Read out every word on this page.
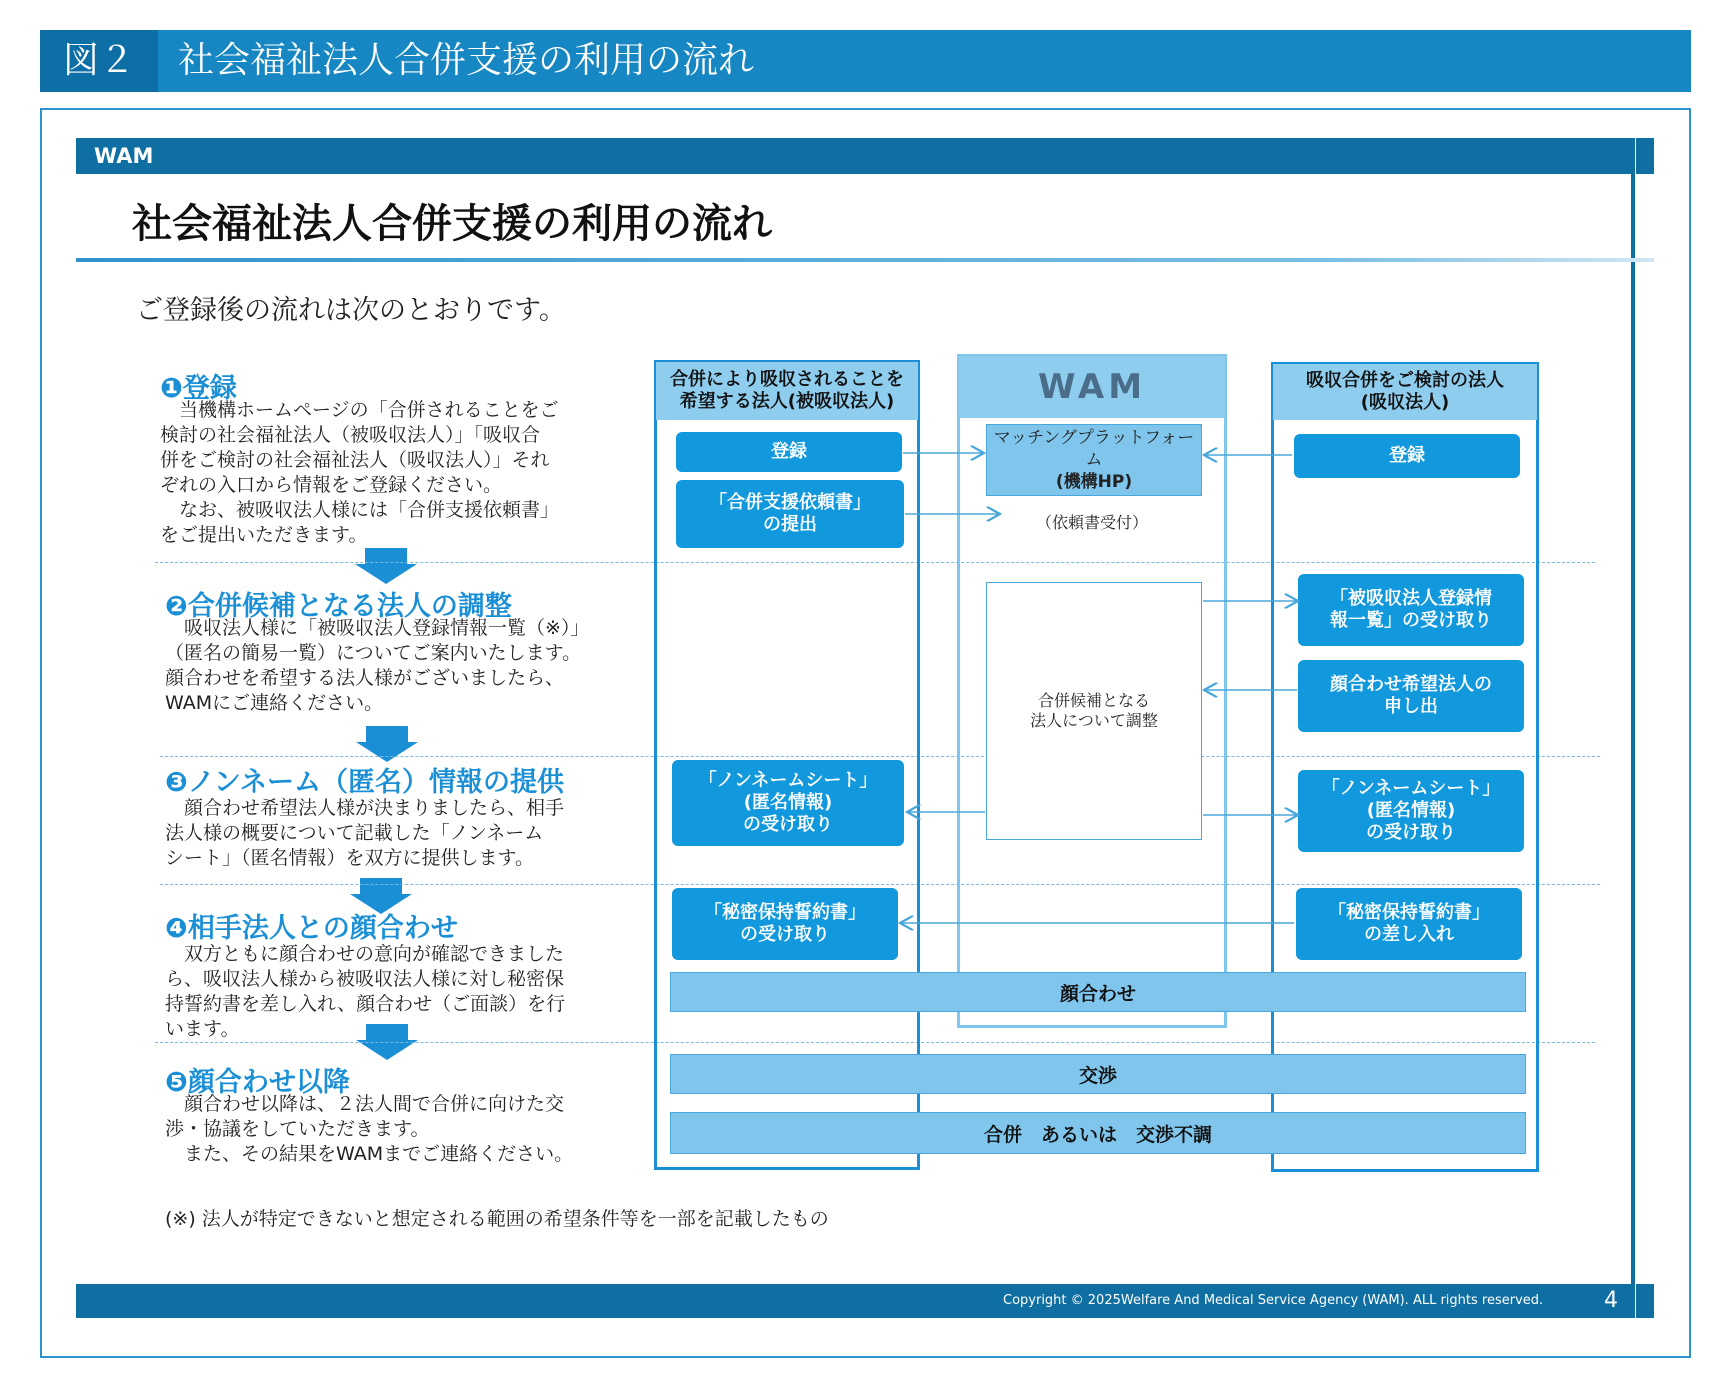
図２	社会福祉法人合併支援の利用の流れ
WAM
社会福祉法人合併支援の利用の流れ
ご登録後の流れは次のとおりです。
❶登録
　当機構ホームページの「合併されることをご
検討の社会福祉法人（被吸収法人）」「吸収合
併をご検討の社会福祉法人（吸収法人）」それ
ぞれの入口から情報をご登録ください。
　なお、被吸収法人様には「合併支援依頼書」
をご提出いただきます。
❷合併候補となる法人の調整
　吸収法人様に「被吸収法人登録情報一覧（※）」
（匿名の簡易一覧）についてご案内いたします。
顔合わせを希望する法人様がございましたら、
WAMにご連絡ください。
❸ノンネーム（匿名）情報の提供
　顔合わせ希望法人様が決まりましたら、相手
法人様の概要について記載した「ノンネーム
シート」（匿名情報）を双方に提供します。
❹相手法人との顔合わせ
　双方ともに顔合わせの意向が確認できました
ら、吸収法人様から被吸収法人様に対し秘密保
持誓約書を差し入れ、顔合わせ（ご面談）を行
います。
❺顔合わせ以降
　顔合わせ以降は、２法人間で合併に向けた交
渉・協議をしていただきます。
　また、その結果をWAMまでご連絡ください。
(※) 法人が特定できないと想定される範囲の希望条件等を一部を記載したもの
合併により吸収されることを
希望する法人(被吸収法人)	WAM	吸収合併をご検討の法人
(吸収法人)
登録
マッチングプラットフォーム
(機構HP)
登録
「合併支援依頼書」
の提出	（依頼書受付）
合併候補となる
法人について調整
「被吸収法人登録情
報一覧」の受け取り
顔合わせ希望法人の
申し出
「ノンネームシート」
(匿名情報)
の受け取り
「ノンネームシート」
(匿名情報)
の受け取り
「秘密保持誓約書」
の受け取り
「秘密保持誓約書」
の差し入れ
顔合わせ
交渉
合併　あるいは　交渉不調
Copyright © 2025Welfare And Medical Service Agency (WAM). ALL rights reserved.	4
